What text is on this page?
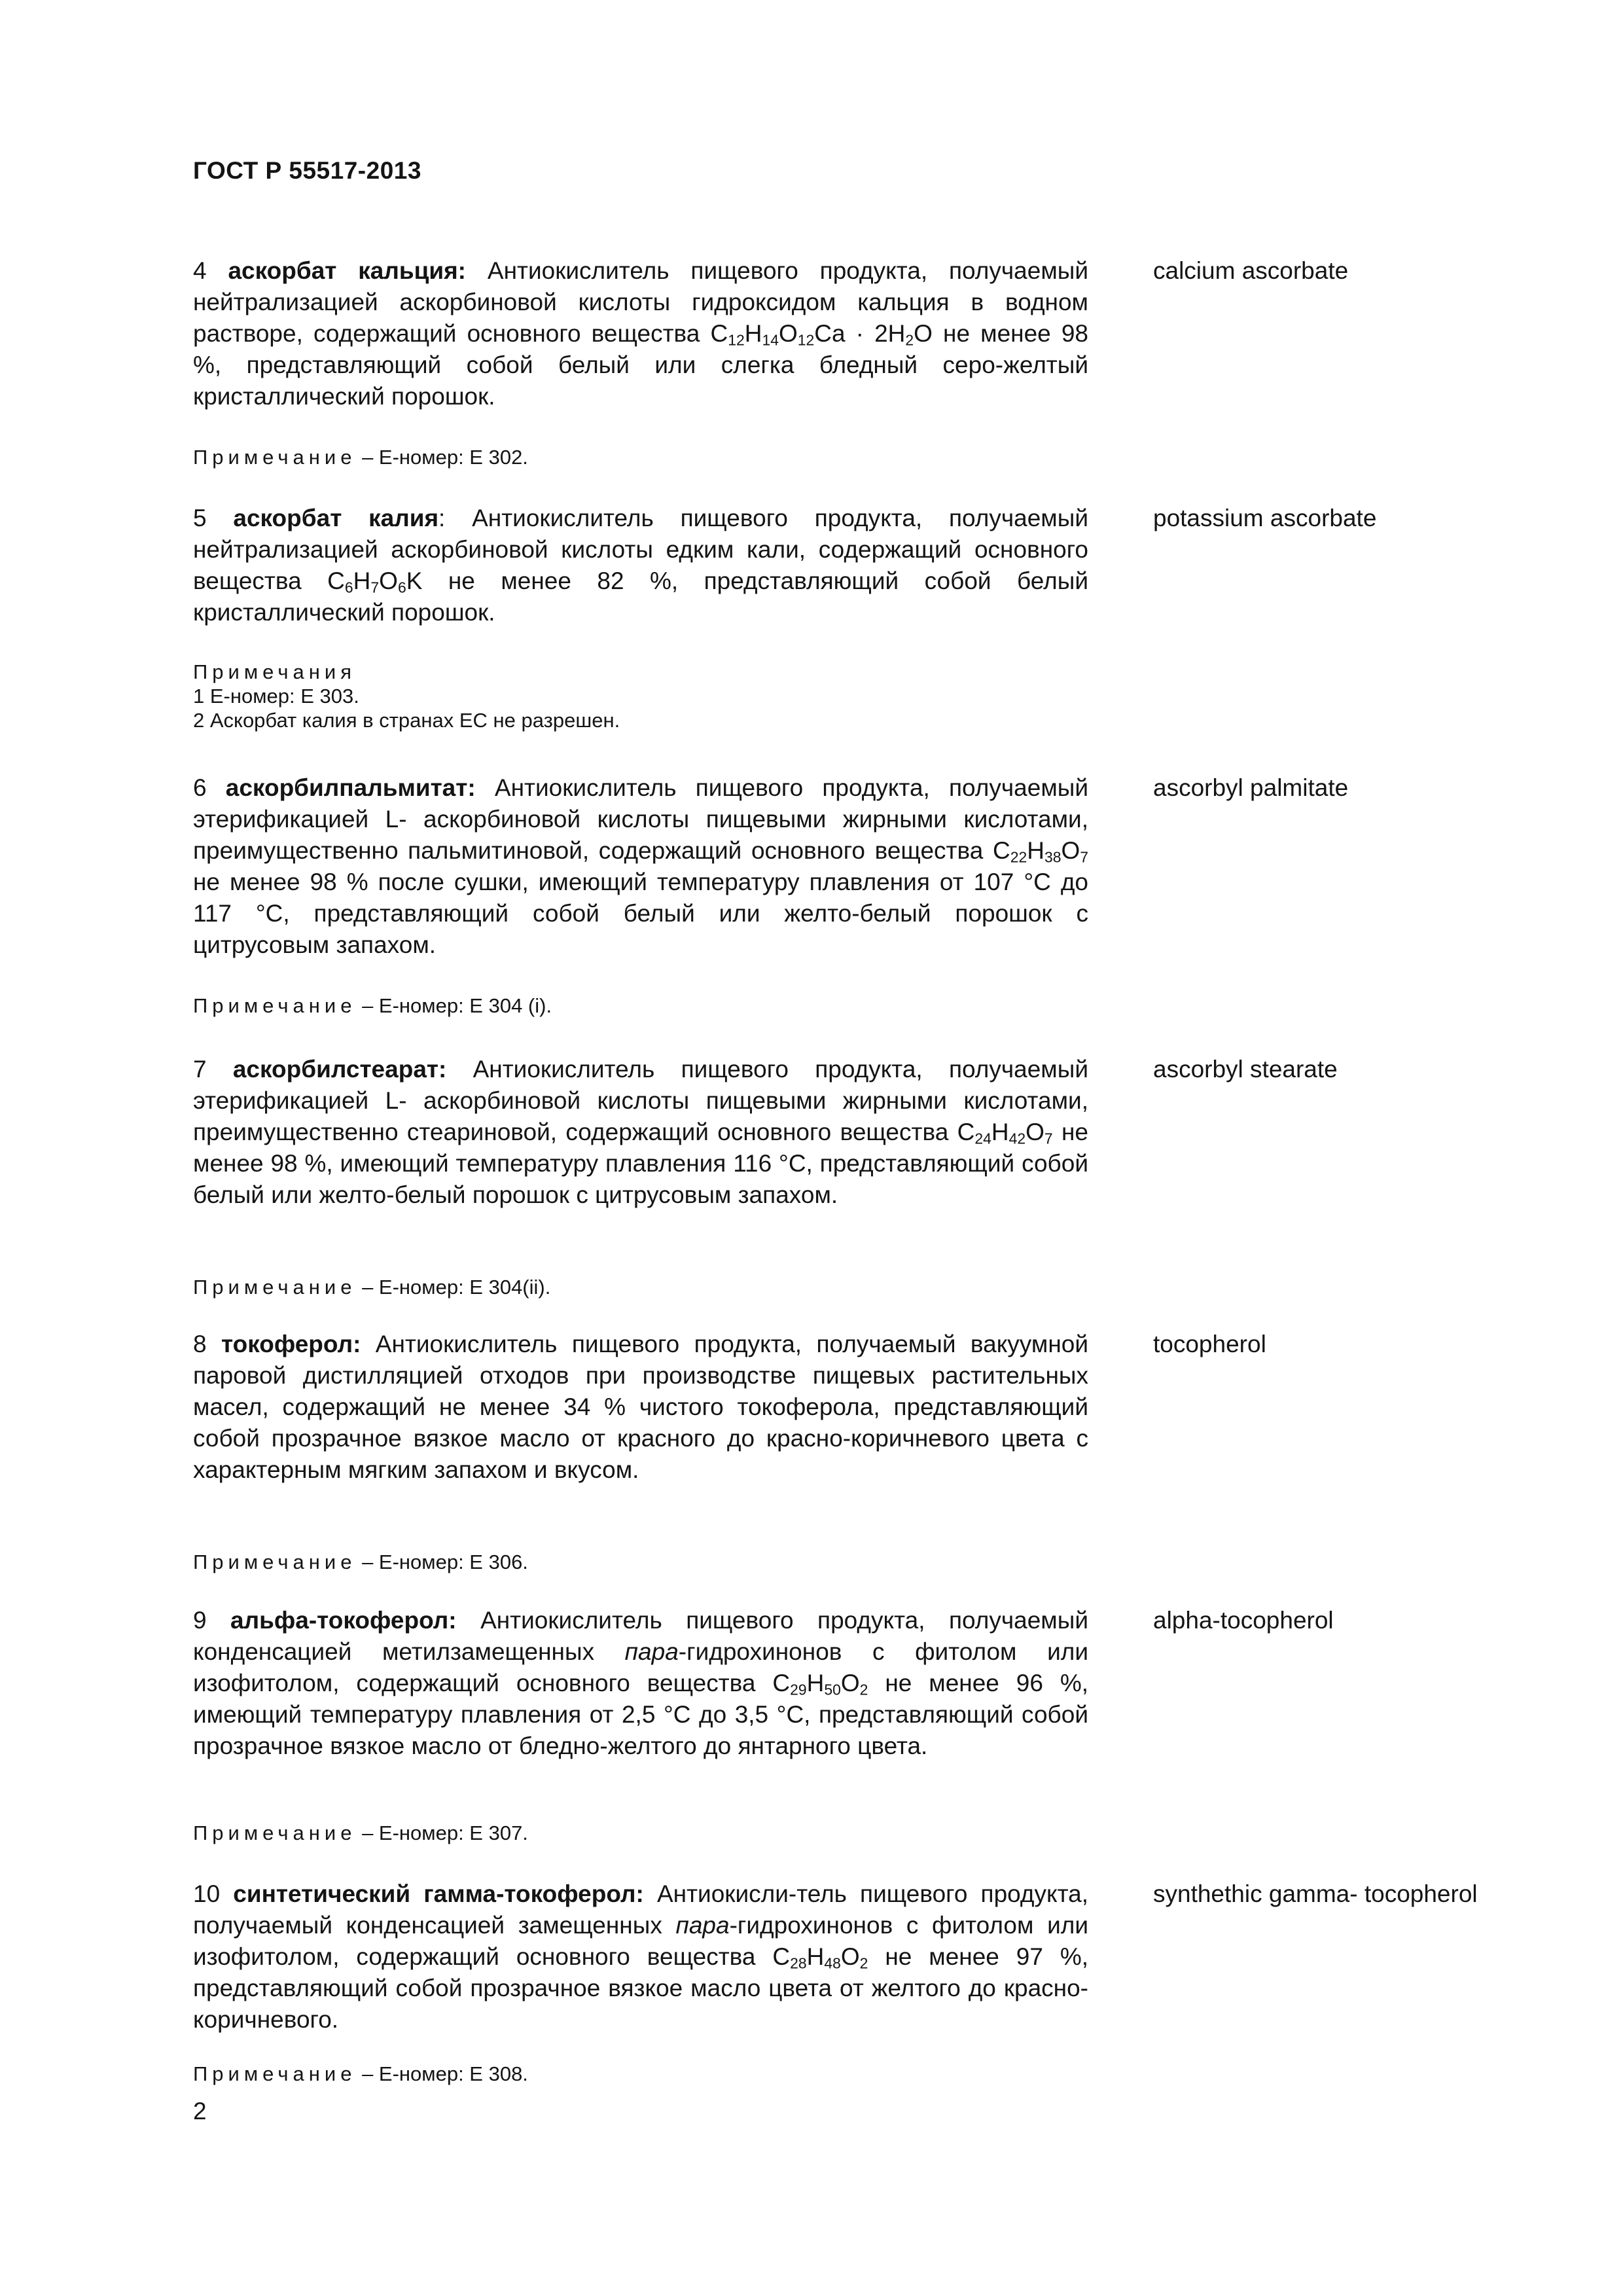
ГОСТ Р 55517-2013
4 аскорбат кальция: Антиокислитель пищевого продукта, получаемый нейтрализацией аскорбиновой кислоты гидроксидом кальция в водном растворе, содержащий основного вещества $C_{12}H_{14}O_{12}Ca \cdot 2H_2O$ не менее 98 %, представляющий собой белый или слегка бледный серо-желтый кристаллический порошок.
calcium ascorbate
Примечание – Е-номер: Е 302.
5 аскорбат калия: Антиокислитель пищевого продукта, получаемый нейтрализацией аскорбиновой кислоты едким кали, содержащий основного вещества $C_6H_7O_6K$ не менее 82 %, представляющий собой белый кристаллический порошок.
potassium ascorbate
Примечания
1 Е-номер: Е 303.
2 Аскорбат калия в странах ЕС не разрешен.
6 аскорбилпальмитат: Антиокислитель пищевого продукта, получаемый этерификацией L- аскорбиновой кислоты пищевыми жирными кислотами, преимущественно пальмитиновой, содержащий основного вещества $C_{22}H_{38}O_7$ не менее 98 % после сушки, имеющий температуру плавления от 107 °С до 117 °С, представляющий собой белый или желто-белый порошок с цитрусовым запахом.
ascorbyl palmitate
Примечание – Е-номер: Е 304 (i).
7 аскорбилстеарат: Антиокислитель пищевого продукта, получаемый этерификацией L- аскорбиновой кислоты пищевыми жирными кислотами, преимущественно стеариновой, содержащий основного вещества $C_{24}H_{42}O_7$ не менее 98 %, имеющий температуру плавления 116 °С, представляющий собой белый или желто-белый порошок с цитрусовым запахом.
ascorbyl stearate
Примечание – Е-номер: Е 304(ii).
8 токоферол: Антиокислитель пищевого продукта, получаемый вакуумной паровой дистилляцией отходов при производстве пищевых растительных масел, содержащий не менее 34 % чистого токоферола, представляющий собой прозрачное вязкое масло от красного до красно-коричневого цвета с характерным мягким запахом и вкусом.
tocopherol
Примечание – Е-номер: Е 306.
9 альфа-токоферол: Антиокислитель пищевого продукта, получаемый конденсацией метилзамещенных пара-гидрохинонов с фитолом или изофитолом, содержащий основного вещества $C_{29}H_{50}O_2$ не менее 96 %, имеющий температуру плавления от 2,5 °С до 3,5 °С, представляющий собой прозрачное вязкое масло от бледно-желтого до янтарного цвета.
alpha-tocopherol
Примечание – Е-номер: Е 307.
10 синтетический гамма-токоферол: Антиокисли-тель пищевого продукта, получаемый конденсацией замещенных пара-гидрохинонов с фитолом или изофитолом, содержащий основного вещества $C_{28}H_{48}O_2$ не менее 97 %, представляющий собой прозрачное вязкое масло цвета от желтого до красно-коричневого.
synthethic gamma- tocopherol
Примечание – Е-номер: Е 308.
2
